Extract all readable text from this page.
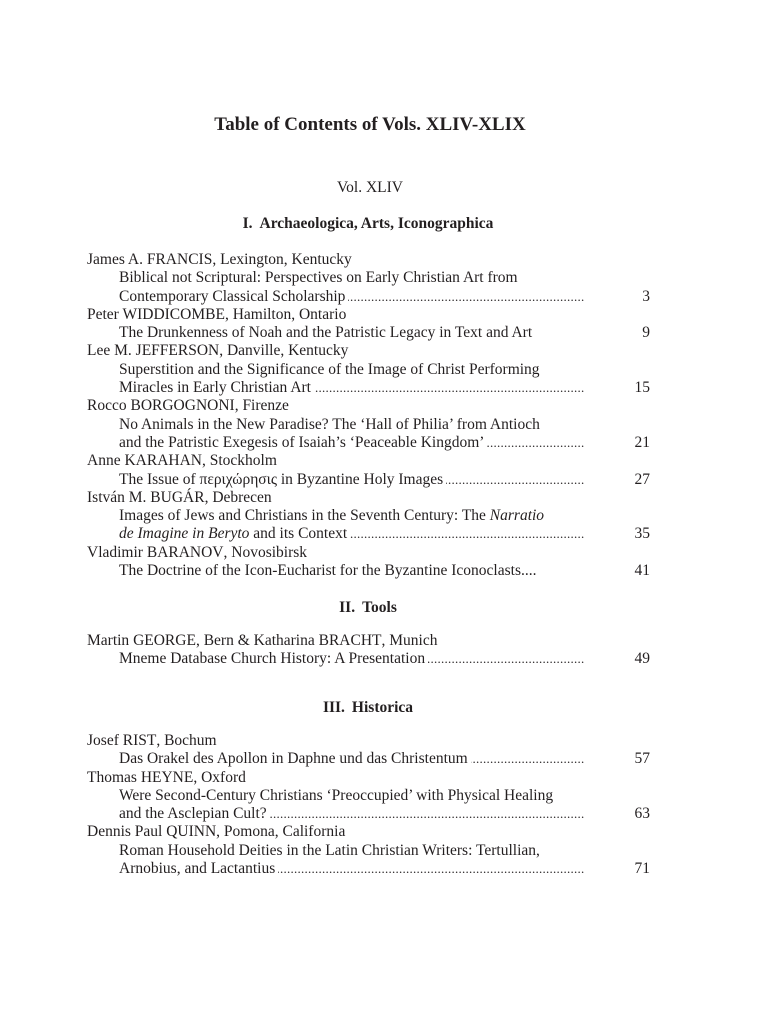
Table of Contents of Vols. XLIV-XLIX
Vol. XLIV
I. Archaeologica, Arts, Iconographica
James A. FRANCIS, Lexington, Kentucky
Biblical not Scriptural: Perspectives on Early Christian Art from
Contemporary Classical Scholarship . . .	3
Peter WIDDICOMBE, Hamilton, Ontario
The Drunkenness of Noah and the Patristic Legacy in Text and Art	9
Lee M. JEFFERSON, Danville, Kentucky
Superstition and the Significance of the Image of Christ Performing
Miracles in Early Christian Art . . .	15
Rocco BORGOGNONI, Firenze
No Animals in the New Paradise? The ‘Hall of Philia’ from Antioch
and the Patristic Exegesis of Isaiah’s ‘Peaceable Kingdom’ . . .	21
Anne KARAHAN, Stockholm
The Issue of περιχώρησις in Byzantine Holy Images . . .	27
István M. BUGÁR, Debrecen
Images of Jews and Christians in the Seventh Century: The Narratio
de Imagine in Beryto and its Context . . .	35
Vladimir BARANOV, Novosibirsk
The Doctrine of the Icon-Eucharist for the Byzantine Iconoclasts....	41
II. Tools
Martin GEORGE, Bern & Katharina BRACHT, Munich
Mneme Database Church History: A Presentation . . .	49
III. Historica
Josef RIST, Bochum
Das Orakel des Apollon in Daphne und das Christentum . . .	57
Thomas HEYNE, Oxford
Were Second-Century Christians ‘Preoccupied’ with Physical Healing
and the Asclepian Cult? . . .	63
Dennis Paul QUINN, Pomona, California
Roman Household Deities in the Latin Christian Writers: Tertullian,
Arnobius, and Lactantius . . .	71
